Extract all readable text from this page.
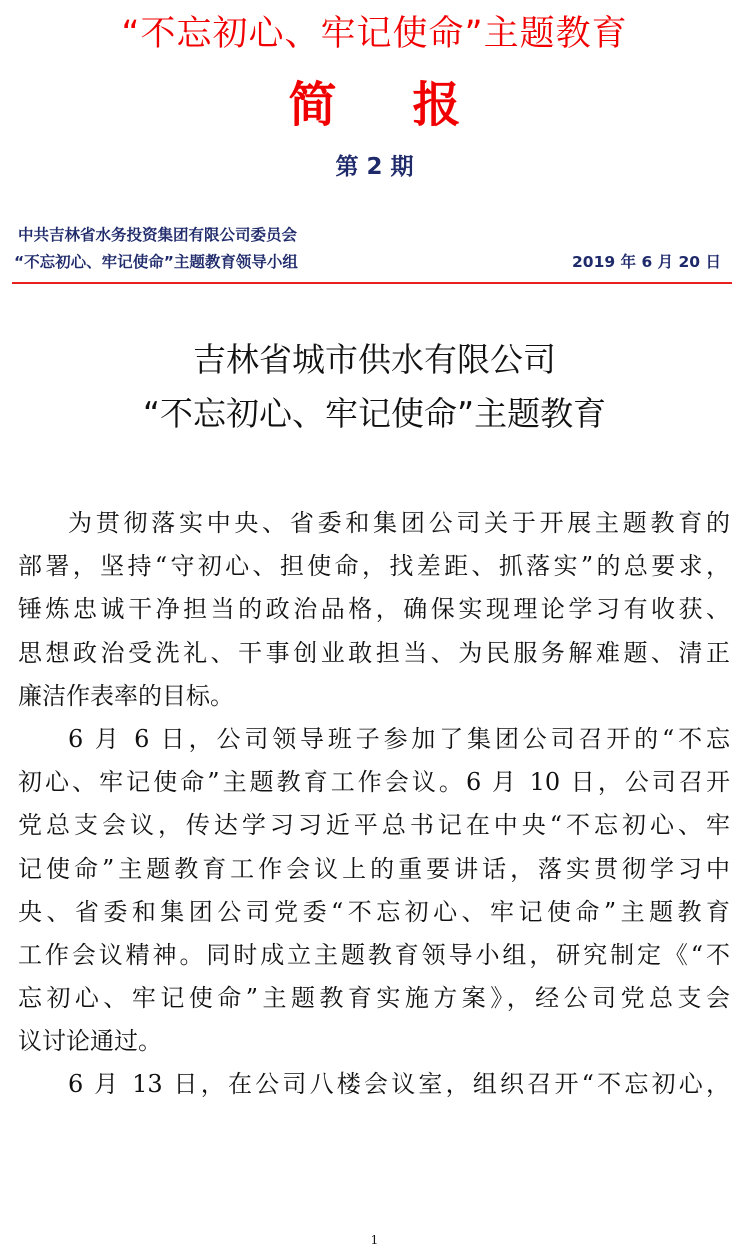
“不忘初心、牢记使命”主题教育
简 报
第 2 期
中共吉林省水务投资集团有限公司委员会
“不忘初心、牢记使命”主题教育领导小组	2019 年 6 月 20 日
吉林省城市供水有限公司
“不忘初心、牢记使命”主题教育
为贯彻落实中央、省委和集团公司关于开展主题教育的
部署，坚持“守初心、担使命，找差距、抓落实”的总要求，
锤炼忠诚干净担当的政治品格，确保实现理论学习有收获、
思想政治受洗礼、干事创业敢担当、为民服务解难题、清正
廉洁作表率的目标。
6 月 6 日，公司领导班子参加了集团公司召开的“不忘
初心、牢记使命”主题教育工作会议。6 月 10 日，公司召开
党总支会议，传达学习习近平总书记在中央“不忘初心、牢
记使命”主题教育工作会议上的重要讲话，落实贯彻学习中
央、省委和集团公司党委“不忘初心、牢记使命”主题教育
工作会议精神。同时成立主题教育领导小组，研究制定《“不
忘初心、牢记使命”主题教育实施方案》，经公司党总支会
议讨论通过。
6 月 13 日，在公司八楼会议室，组织召开“不忘初心，
1
